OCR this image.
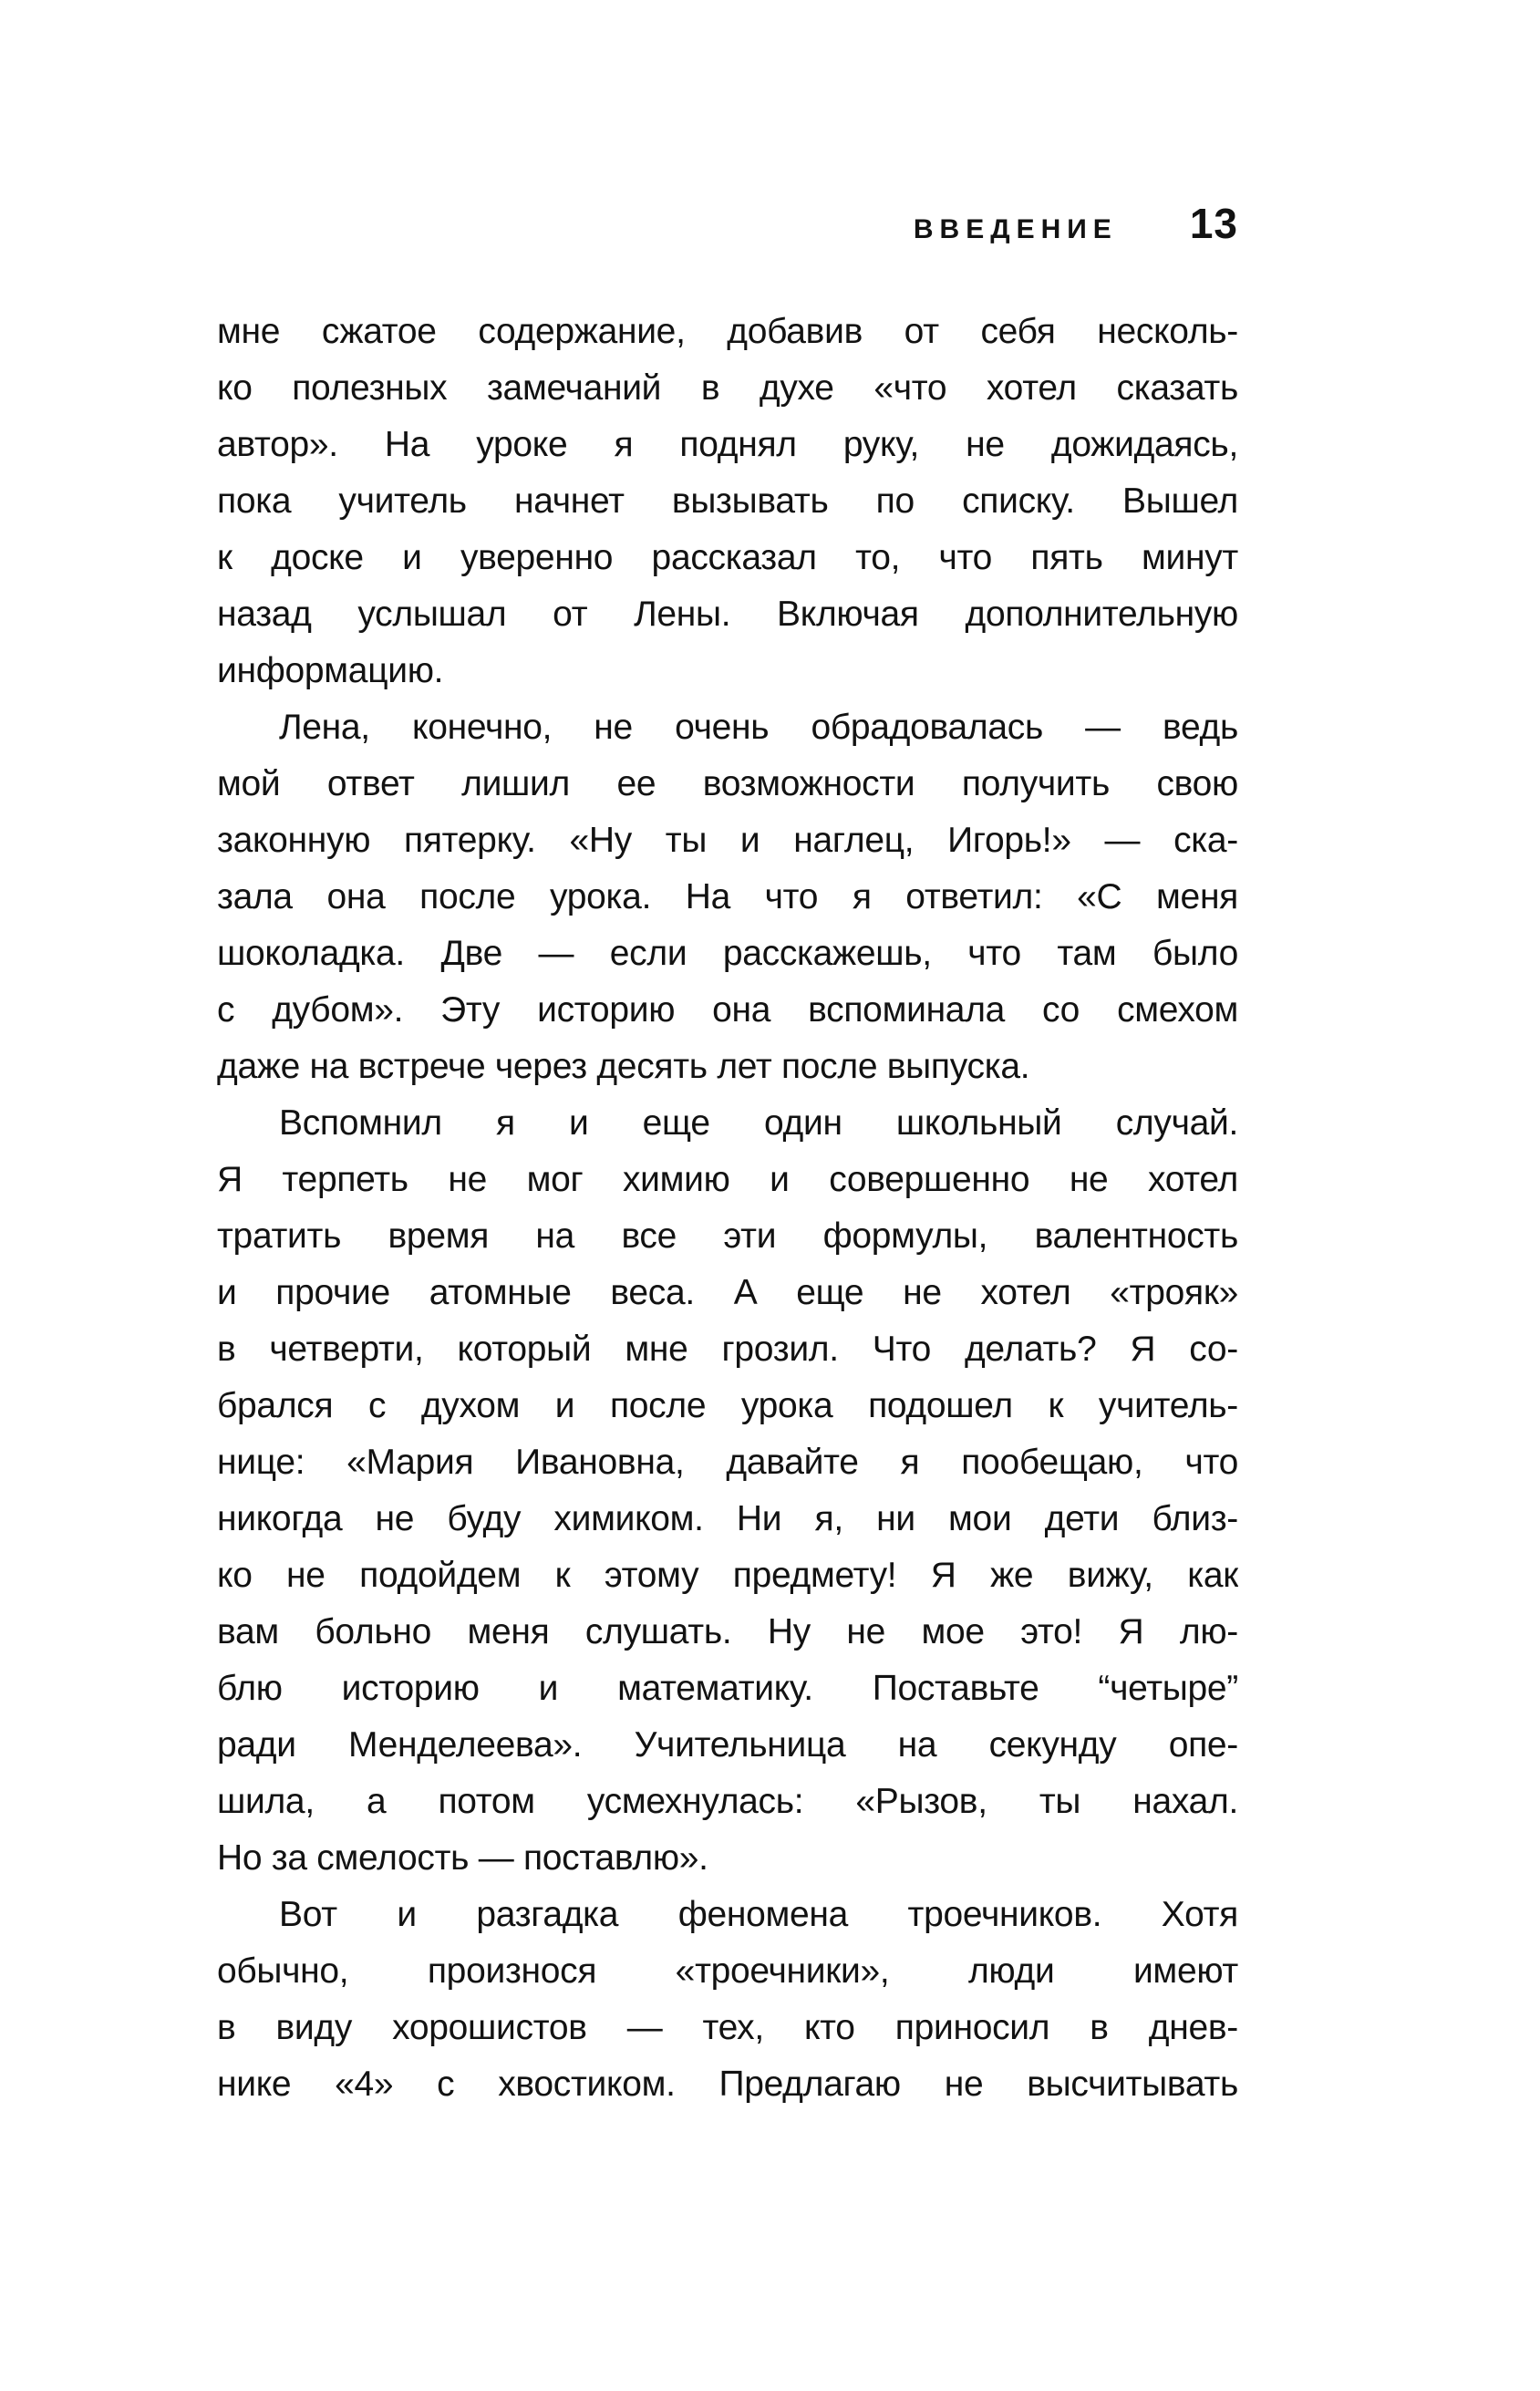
ВВЕДЕНИЕ 13
мне сжатое содержание, добавив от себя несколь-
ко полезных замечаний в духе «что хотел сказать
автор». На уроке я поднял руку, не дожидаясь,
пока учитель начнет вызывать по списку. Вышел
к доске и уверенно рассказал то, что пять минут
назад услышал от Лены. Включая дополнительную
информацию.
Лена, конечно, не очень обрадовалась — ведь
мой ответ лишил ее возможности получить свою
законную пятерку. «Ну ты и наглец, Игорь!» — ска-
зала она после урока. На что я ответил: «С меня
шоколадка. Две — если расскажешь, что там было
с дубом». Эту историю она вспоминала со смехом
даже на встрече через десять лет после выпуска.
Вспомнил я и еще один школьный случай.
Я терпеть не мог химию и совершенно не хотел
тратить время на все эти формулы, валентность
и прочие атомные веса. А еще не хотел «трояк»
в четверти, который мне грозил. Что делать? Я со-
брался с духом и после урока подошел к учитель-
нице: «Мария Ивановна, давайте я пообещаю, что
никогда не буду химиком. Ни я, ни мои дети близ-
ко не подойдем к этому предмету! Я же вижу, как
вам больно меня слушать. Ну не мое это! Я лю-
блю историю и математику. Поставьте “четыре”
ради Менделеева». Учительница на секунду опе-
шила, а потом усмехнулась: «Рызов, ты нахал.
Но за смелость — поставлю».
Вот и разгадка феномена троечников. Хотя
обычно, произнося «троечники», люди имеют
в виду хорошистов — тех, кто приносил в днев-
нике «4» с хвостиком. Предлагаю не высчитывать
